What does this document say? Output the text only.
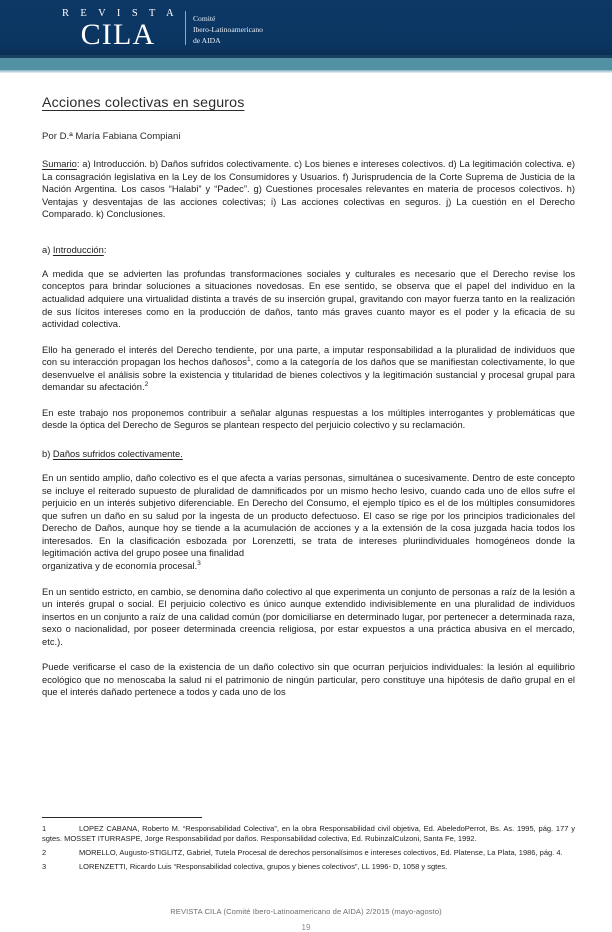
R E V I S T A
CILA	Comité
Ibero-Latinoamericano
de AIDA
Acciones colectivas en seguros

Por D.ª María Fabiana Compiani

Sumario: a) Introducción. b) Daños sufridos colectivamente. c) Los bienes e intereses colectivos. d) La legitimación colectiva. e) La consagración legislativa en la Ley de los Consumidores y Usuarios. f) Jurisprudencia de la Corte Suprema de Justicia de la Nación Argentina. Los casos “Halabi” y “Padec”. g) Cuestiones procesales relevantes en materia de procesos colectivos. h) Ventajas y desventajas de las acciones colectivas; i) Las acciones colectivas en seguros. j) La cuestión en el Derecho Comparado. k) Conclusiones.

a) Introducción:

A medida que se advierten las profundas transformaciones sociales y culturales es necesario que el Derecho revise los conceptos para brindar soluciones a situaciones novedosas. En ese sentido, se observa que el papel del individuo en la actualidad adquiere una virtualidad distinta a través de su inserción grupal, gravitando con mayor fuerza tanto en la realización de sus lícitos intereses como en la producción de daños, tanto más graves cuanto mayor es el poder y la eficacia de su actividad colectiva.

Ello ha generado el interés del Derecho tendiente, por una parte, a imputar responsabilidad a la pluralidad de individuos que con su interacción propagan los hechos dañosos$^1$, como a la categoría de los daños que se manifiestan colectivamente, lo que desenvuelve el análisis sobre la existencia y titularidad de bienes colectivos y la legitimación sustancial y procesal grupal para demandar su afectación.$^2$

En este trabajo nos proponemos contribuir a señalar algunas respuestas a los múltiples interrogantes y problemáticas que desde la óptica del Derecho de Seguros se plantean respecto del perjuicio colectivo y su reclamación.

b) Daños sufridos colectivamente.

En un sentido amplio, daño colectivo es el que afecta a varias personas, simultánea o sucesivamente. Dentro de este concepto se incluye el reiterado supuesto de pluralidad de damnificados por un mismo hecho lesivo, cuando cada uno de ellos sufre el perjuicio en un interés subjetivo diferenciable. En Derecho del Consumo, el ejemplo típico es el de los múltiples consumidores que sufren un daño en su salud por la ingesta de un producto defectuoso. El caso se rige por los principios tradicionales del Derecho de Daños, aunque hoy se tiende a la acumulación de acciones y a la extensión de la cosa juzgada hacia todos los interesados. En la clasificación esbozada por Lorenzetti, se trata de intereses pluriindividuales homogéneos donde la legitimación activa del grupo posee una finalidad

organizativa y de economía procesal.$^3$

En un sentido estricto, en cambio, se denomina daño colectivo al que experimenta un conjunto de personas a raíz de la lesión a un interés grupal o social. El perjuicio colectivo es único aunque extendido indivisiblemente en una pluralidad de individuos insertos en un conjunto a raíz de una calidad común (por domiciliarse en determinado lugar, por pertenecer a determinada raza, sexo o nacionalidad, por poseer determinada creencia religiosa, por estar expuestos a una práctica abusiva en el mercado, etc.).

Puede verificarse el caso de la existencia de un daño colectivo sin que ocurran perjuicios individuales: la lesión al equilibrio ecológico que no menoscaba la salud ni el patrimonio de ningún particular, pero constituye una hipótesis de daño grupal en el que el interés dañado pertenece a todos y cada uno de los

1	LOPEZ CABANA, Roberto M. “Responsabilidad Colectiva”, en la obra Responsabilidad civil objetiva, Ed. AbeledoPerrot, Bs. As. 1995, pág. 177 y sgtes. MOSSET ITURRASPE, Jorge Responsabilidad por daños. Responsabilidad colectiva, Ed. RubinzalCulzoni, Santa Fe, 1992.

2	MORELLO, Augusto-STIGLITZ, Gabriel, Tutela Procesal de derechos personalísimos e intereses colectivos, Ed. Platense, La Plata, 1986, pág. 4.

3	LORENZETTI, Ricardo Luis “Responsabilidad colectiva, grupos y bienes colectivos”, LL 1996- D, 1058 y sgtes.

REVISTA CILA (Comité Ibero-Latinoamericano de AIDA) 2/2015 (mayo-agosto)
19
